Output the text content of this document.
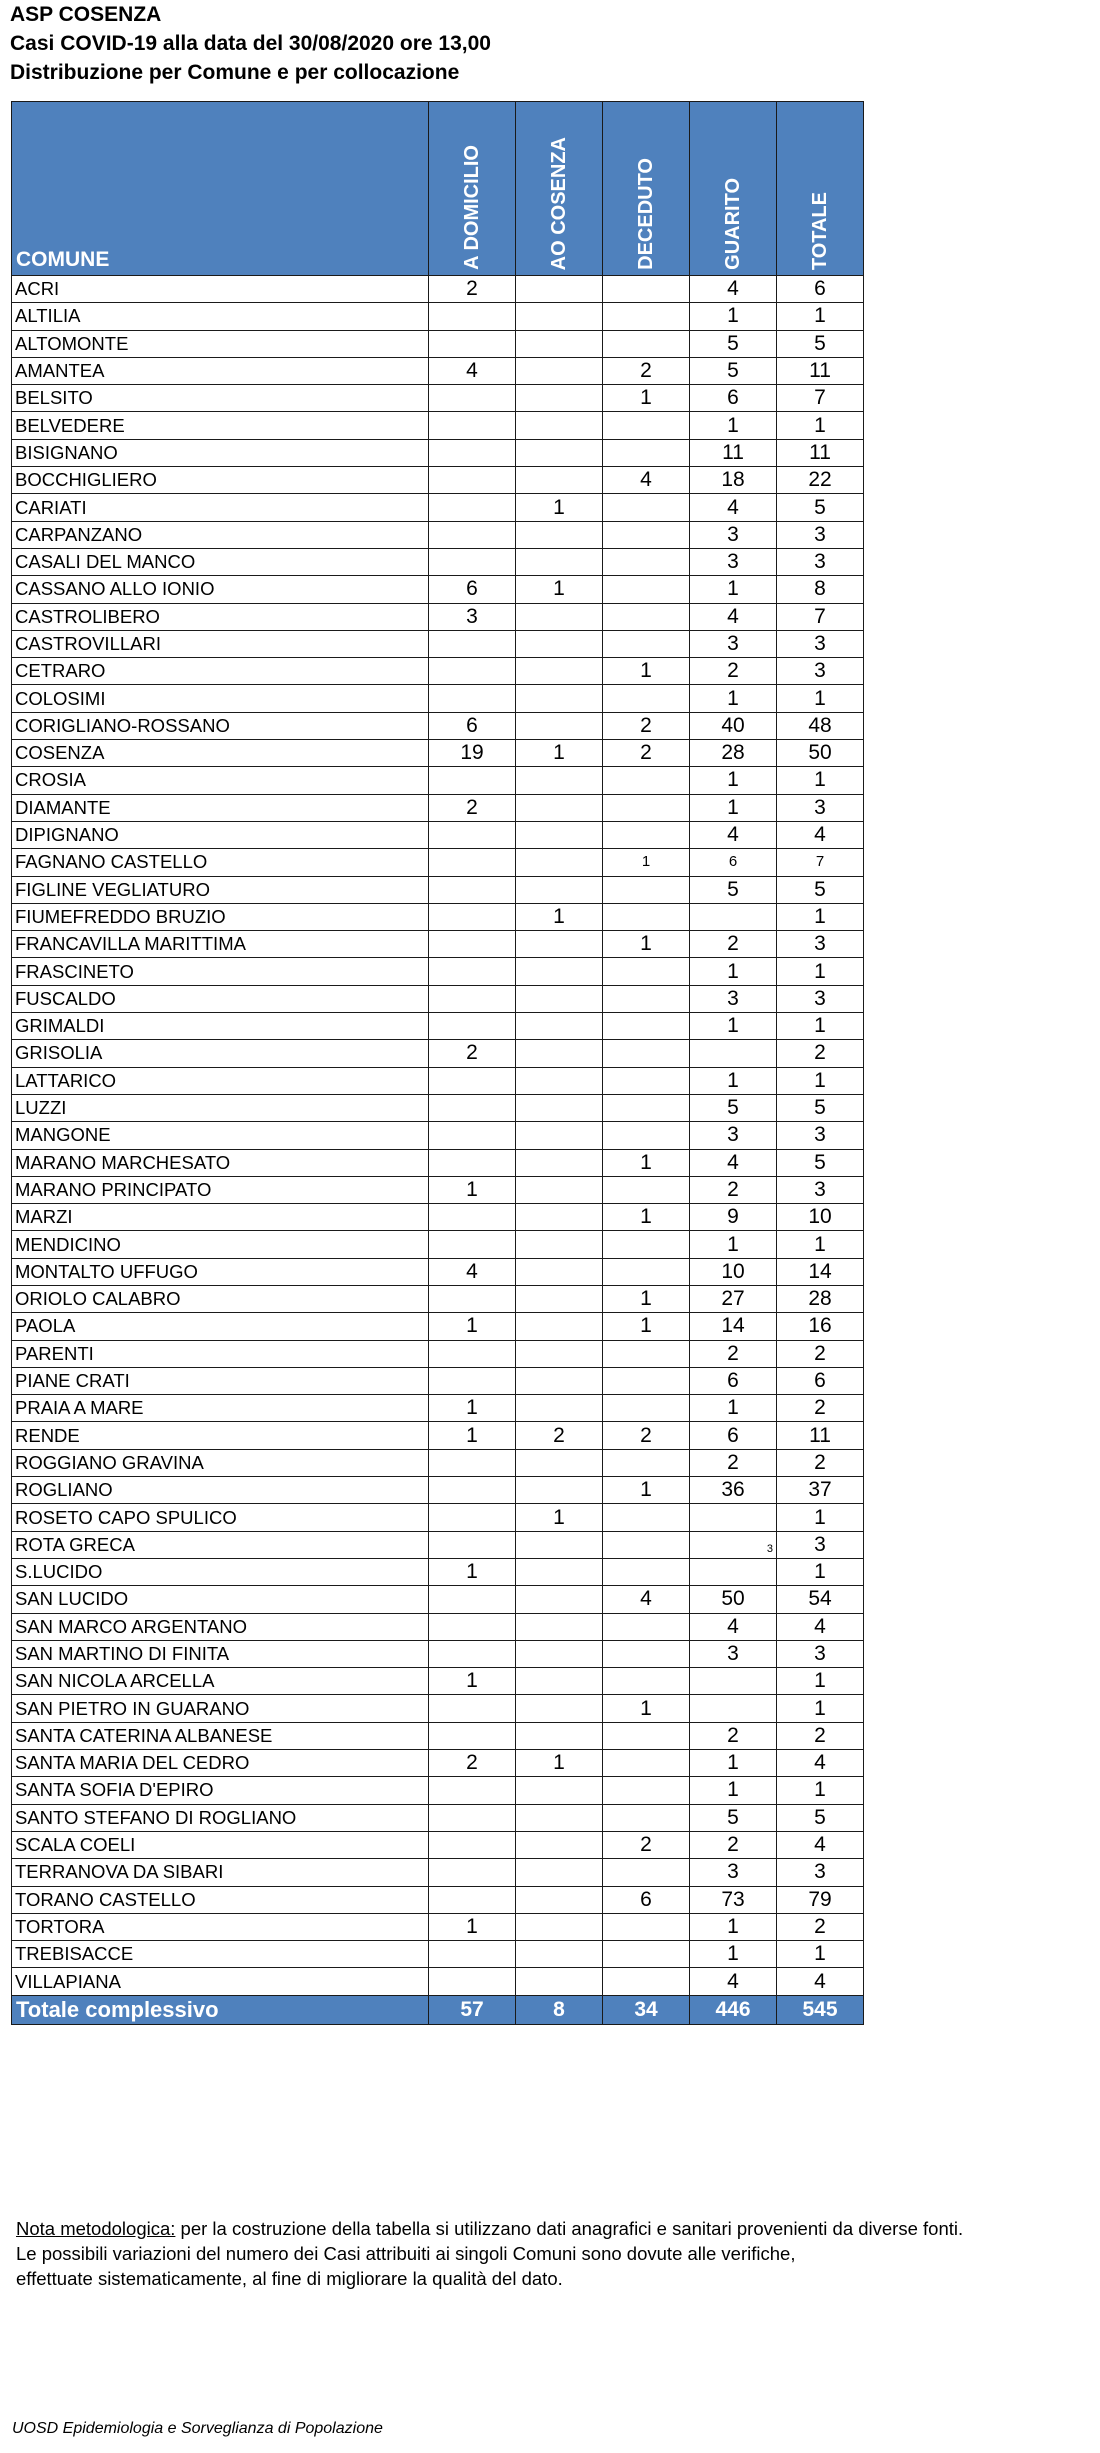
ASP COSENZA
Casi COVID-19 alla data del 30/08/2020 ore 13,00
Distribuzione per Comune e per collocazione
COMUNE	A DOMICILIO	AO COSENZA	DECEDUTO	GUARITO	TOTALE
ACRI	2			4	6
ALTILIA				1	1
ALTOMONTE				5	5
AMANTEA	4		2	5	11
BELSITO			1	6	7
BELVEDERE				1	1
BISIGNANO				11	11
BOCCHIGLIERO			4	18	22
CARIATI		1		4	5
CARPANZANO				3	3
CASALI DEL MANCO				3	3
CASSANO ALLO IONIO	6	1		1	8
CASTROLIBERO	3			4	7
CASTROVILLARI				3	3
CETRARO			1	2	3
COLOSIMI				1	1
CORIGLIANO-ROSSANO	6		2	40	48
COSENZA	19	1	2	28	50
CROSIA				1	1
DIAMANTE	2			1	3
DIPIGNANO				4	4
FAGNANO CASTELLO			1	6	7
FIGLINE VEGLIATURO				5	5
FIUMEFREDDO BRUZIO		1			1
FRANCAVILLA MARITTIMA			1	2	3
FRASCINETO				1	1
FUSCALDO				3	3
GRIMALDI				1	1
GRISOLIA	2				2
LATTARICO				1	1
LUZZI				5	5
MANGONE				3	3
MARANO MARCHESATO			1	4	5
MARANO PRINCIPATO	1			2	3
MARZI			1	9	10
MENDICINO				1	1
MONTALTO UFFUGO	4			10	14
ORIOLO CALABRO			1	27	28
PAOLA	1		1	14	16
PARENTI				2	2
PIANE CRATI				6	6
PRAIA A MARE	1			1	2
RENDE	1	2	2	6	11
ROGGIANO GRAVINA				2	2
ROGLIANO			1	36	37
ROSETO CAPO SPULICO		1			1
ROTA GRECA				3	3
S.LUCIDO	1				1
SAN LUCIDO			4	50	54
SAN MARCO ARGENTANO				4	4
SAN MARTINO DI FINITA				3	3
SAN NICOLA ARCELLA	1				1
SAN PIETRO IN GUARANO			1		1
SANTA CATERINA ALBANESE				2	2
SANTA MARIA DEL CEDRO	2	1		1	4
SANTA SOFIA D'EPIRO				1	1
SANTO STEFANO DI ROGLIANO				5	5
SCALA COELI			2	2	4
TERRANOVA DA SIBARI				3	3
TORANO CASTELLO			6	73	79
TORTORA	1			1	2
TREBISACCE				1	1
VILLAPIANA				4	4
Totale complessivo	57	8	34	446	545
Nota metodologica: per la costruzione della tabella si utilizzano dati anagrafici e sanitari provenienti da diverse fonti.
Le possibili variazioni del numero dei Casi attribuiti ai singoli Comuni sono dovute alle verifiche,
effettuate sistematicamente, al fine di migliorare la qualità del dato.
UOSD Epidemiologia e Sorveglianza di Popolazione
